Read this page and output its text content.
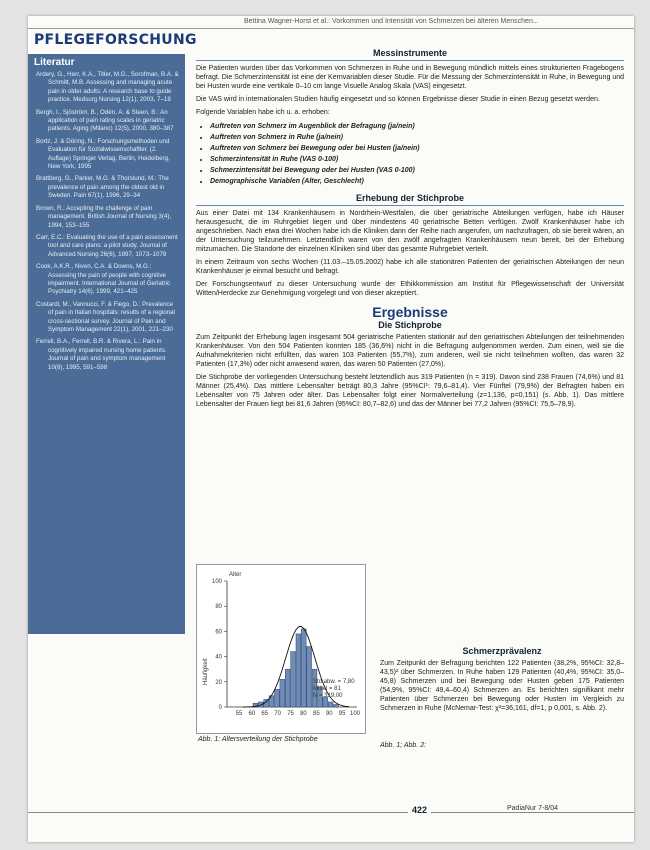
Bettina Wagner-Horst et al.: Vorkommen und Intensität von Schmerzen bei älteren Menschen...
PFLEGEFORSCHUNG
Literatur
Ardery, G., Herr, K.A., Titler, M.G., Sorofman, B.A. & Schmitt, M.B. Assessing and managing acute pain in older adults: A research base to guide practice. Medsurg Nursing 12(1), 2003, 7–18
Bergh, I., Sjöström, B., Odén, A. & Steen, B.: An application of pain rating scales in geriatric patients. Aging (Milano) 12(5), 2000, 380–387
Bortz, J. & Döring, N.: Forschungsmethoden und Evaluation für Sozialwissenschaftler. (2. Auflage) Springer Verlag, Berlin, Heidelberg, New York, 1995
Brattberg, G., Parker, M.G. & Thorslund, M.: The prevalence of pain among the oldest old in Sweden. Pain 67(1), 1996, 29–34
Brown, R.: Accepting the challenge of pain management. British Journal of Nursing 3(4), 1994, 153–155
Carr, E.C.: Evaluating the use of a pain assessment tool and care plans: a pilot study. Journal of Advanced Nursing 26(6), 1997, 1073–1079
Cook, A.K.R., Niven, C.A. & Downs, M.G.: Assessing the pain of people with cognitive impairment. International Journal of Geriatric Psychiatry 14(6), 1999, 421–425
Costardi, M., Vannucci, F. & Fiego, D.: Prevalence of pain in Italian hospitals: results of a regional cross-sectional survey. Journal of Pain and Symptom Management 22(1), 2001, 221–230
Ferrell, B.A., Ferrell, B.R. & Rivera, L.: Pain in cognitively impaired nursing home patients. Journal of pain and symptom management 10(8), 1995, 591–598
Messinstrumente

Die Patienten wurden über das Vorkommen von Schmerzen in Ruhe und in Bewegung mündlich mittels eines strukturierten Fragebogens befragt. Die Schmerzintensität ist eine der Kernvariablen dieser Studie. Für die Messung der Schmerzintensität in Ruhe, in Bewegung und bei Husten wurde eine vertikale 0–10 cm lange Visuelle Analog Skala (VAS) eingesetzt.

Die VAS wird in internationalen Studien häufig eingesetzt und so können Ergebnisse dieser Studie in einen Bezug gesetzt werden.

Folgende Variablen habe ich u. a. erhoben:

• Auftreten von Schmerz im Augenblick der Befragung (ja/nein)
• Auftreten von Schmerz in Ruhe (ja/nein)
• Auftreten von Schmerz bei Bewegung oder bei Husten (ja/nein)
• Schmerzintensität in Ruhe (VAS 0-100)
• Schmerzintensität bei Bewegung oder bei Husten (VAS 0-100)
• Demographische Variablen (Alter, Geschlecht)
Erhebung der Stichprobe

Aus einer Datei mit 134 Krankenhäusern in Nordrhein-Westfalen, die über geriatrische Abteilungen verfügen, habe ich Häuser herausgesucht, die im Ruhrgebiet liegen und über mindestens 40 geriatrische Betten verfügen. Zwölf Krankenhäuser habe ich angeschrieben. Nach etwa drei Wochen habe ich die Kliniken dann der Reihe nach angerufen, um nachzufragen, ob sie bereit wären, an der Untersuchung teilzunehmen. Letztendlich waren von den zwölf angefragten Krankenhäusern neun bereit, bei der Erhebung mitzumachen. Die Standorte der einzelnen Kliniken sind über das gesamte Ruhrgebiet verteilt.

In einem Zeitraum von sechs Wochen (11.03.–15.05.2002) habe ich alle stationären Patienten der geriatrischen Abteilungen der neun Krankenhäuser je einmal besucht und befragt.

Der Forschungsentwurf zu dieser Untersuchung wurde der Ethikkommission am Institut für Pflegewissenschaft der Universität Witten/Herdecke zur Genehmigung vorgelegt und von dieser akzeptiert.

Ergebnisse
Die Stichprobe

Zum Zeitpunkt der Erhebung lagen insgesamt 504 geriatrische Patienten stationär auf den geriatrischen Abteilungen der teilnehmenden Krankenhäuser. Von den 504 Patienten konnten 185 (36,6%) nicht in die Befragung aufgenommen werden. Zum einen, weil sie die Aufnahmekriterien nicht erfüllten, das waren 103 Patienten (55,7%), zum anderen, weil sie nicht teilnehmen wollten, das waren 32 Patienten (17,3%) oder nicht anwesend waren, das waren 50 Patienten (27,0%).

Die Stichprobe der vorliegenden Untersuchung besteht letztendlich aus 319 Patienten (n = 319). Davon sind 238 Frauen (74,6%) und 81 Männer (25,4%). Das mittlere Lebensalter beträgt 80,3 Jahre (95%CI¹: 79,6–81,4). Vier Fünftel (79,9%) der Befragten haben ein Lebensalter von 75 Jahren oder älter. Das Lebensalter folgt einer Normalverteilung (z=1,136, p=0,151) (s. Abb. 1). Das mittlere Lebensalter der Frauen liegt bei 81,6 Jahren (95%CI: 80,7–82,6) und das der Männer bei 77,2 Jahren (95%CI: 75,5–78,9).

Alter
0
20
40
60
80
100
55 60 65 70 75 80 85 90 95 100
Häufigkeit	Std.abw. = 7,80
Mittel = 81
N = 319,00
Abb. 1: Altersverteilung der Stichprobe
Schmerzprävalenz

Zum Zeitpunkt der Befragung berichten 122 Patienten (38,2%, 95%CI: 32,8–43,5)² über Schmerzen. In Ruhe haben 129 Patienten (40,4%, 95%CI: 35,0–45,8) Schmerzen und bei Bewegung oder Husten geben 175 Patienten (54,9%, 95%CI: 49,4–60,4) Schmerzen an. Es berichten signifikant mehr Patienten über Schmerzen bei Bewegung oder Husten im Vergleich zu Schmerzen in Ruhe (McNemar-Test: χ²=36,161, df=1, p 0,001, s. Abb. 2).

Abb. 1; Abb. 2:
422	PadiaNur 7-8/04
